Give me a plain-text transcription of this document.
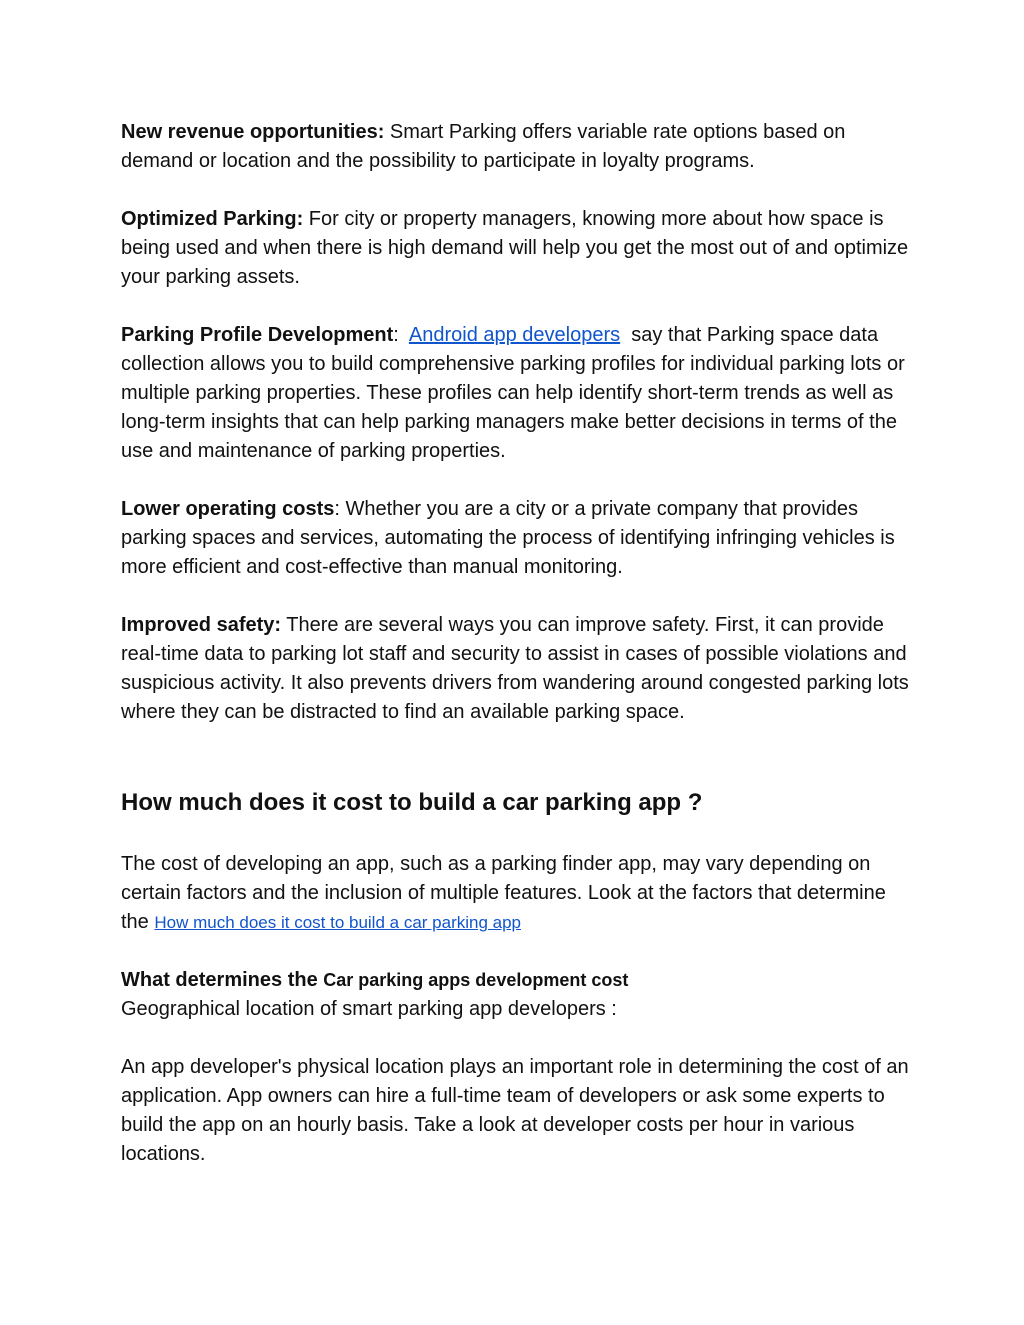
New revenue opportunities: Smart Parking offers variable rate options based on demand or location and the possibility to participate in loyalty programs.

Optimized Parking: For city or property managers, knowing more about how space is being used and when there is high demand will help you get the most out of and optimize your parking assets.

Parking Profile Development:  Android app developers  say that Parking space data collection allows you to build comprehensive parking profiles for individual parking lots or multiple parking properties. These profiles can help identify short-term trends as well as long-term insights that can help parking managers make better decisions in terms of the use and maintenance of parking properties.

Lower operating costs: Whether you are a city or a private company that provides parking spaces and services, automating the process of identifying infringing vehicles is more efficient and cost-effective than manual monitoring.

Improved safety: There are several ways you can improve safety. First, it can provide real-time data to parking lot staff and security to assist in cases of possible violations and suspicious activity. It also prevents drivers from wandering around congested parking lots where they can be distracted to find an available parking space.

How much does it cost to build a car parking app ?

The cost of developing an app, such as a parking finder app, may vary depending on certain factors and the inclusion of multiple features. Look at the factors that determine the How much does it cost to build a car parking app

What determines the Car parking apps development cost

Geographical location of smart parking app developers :

An app developer's physical location plays an important role in determining the cost of an application. App owners can hire a full-time team of developers or ask some experts to build the app on an hourly basis. Take a look at developer costs per hour in various locations.
